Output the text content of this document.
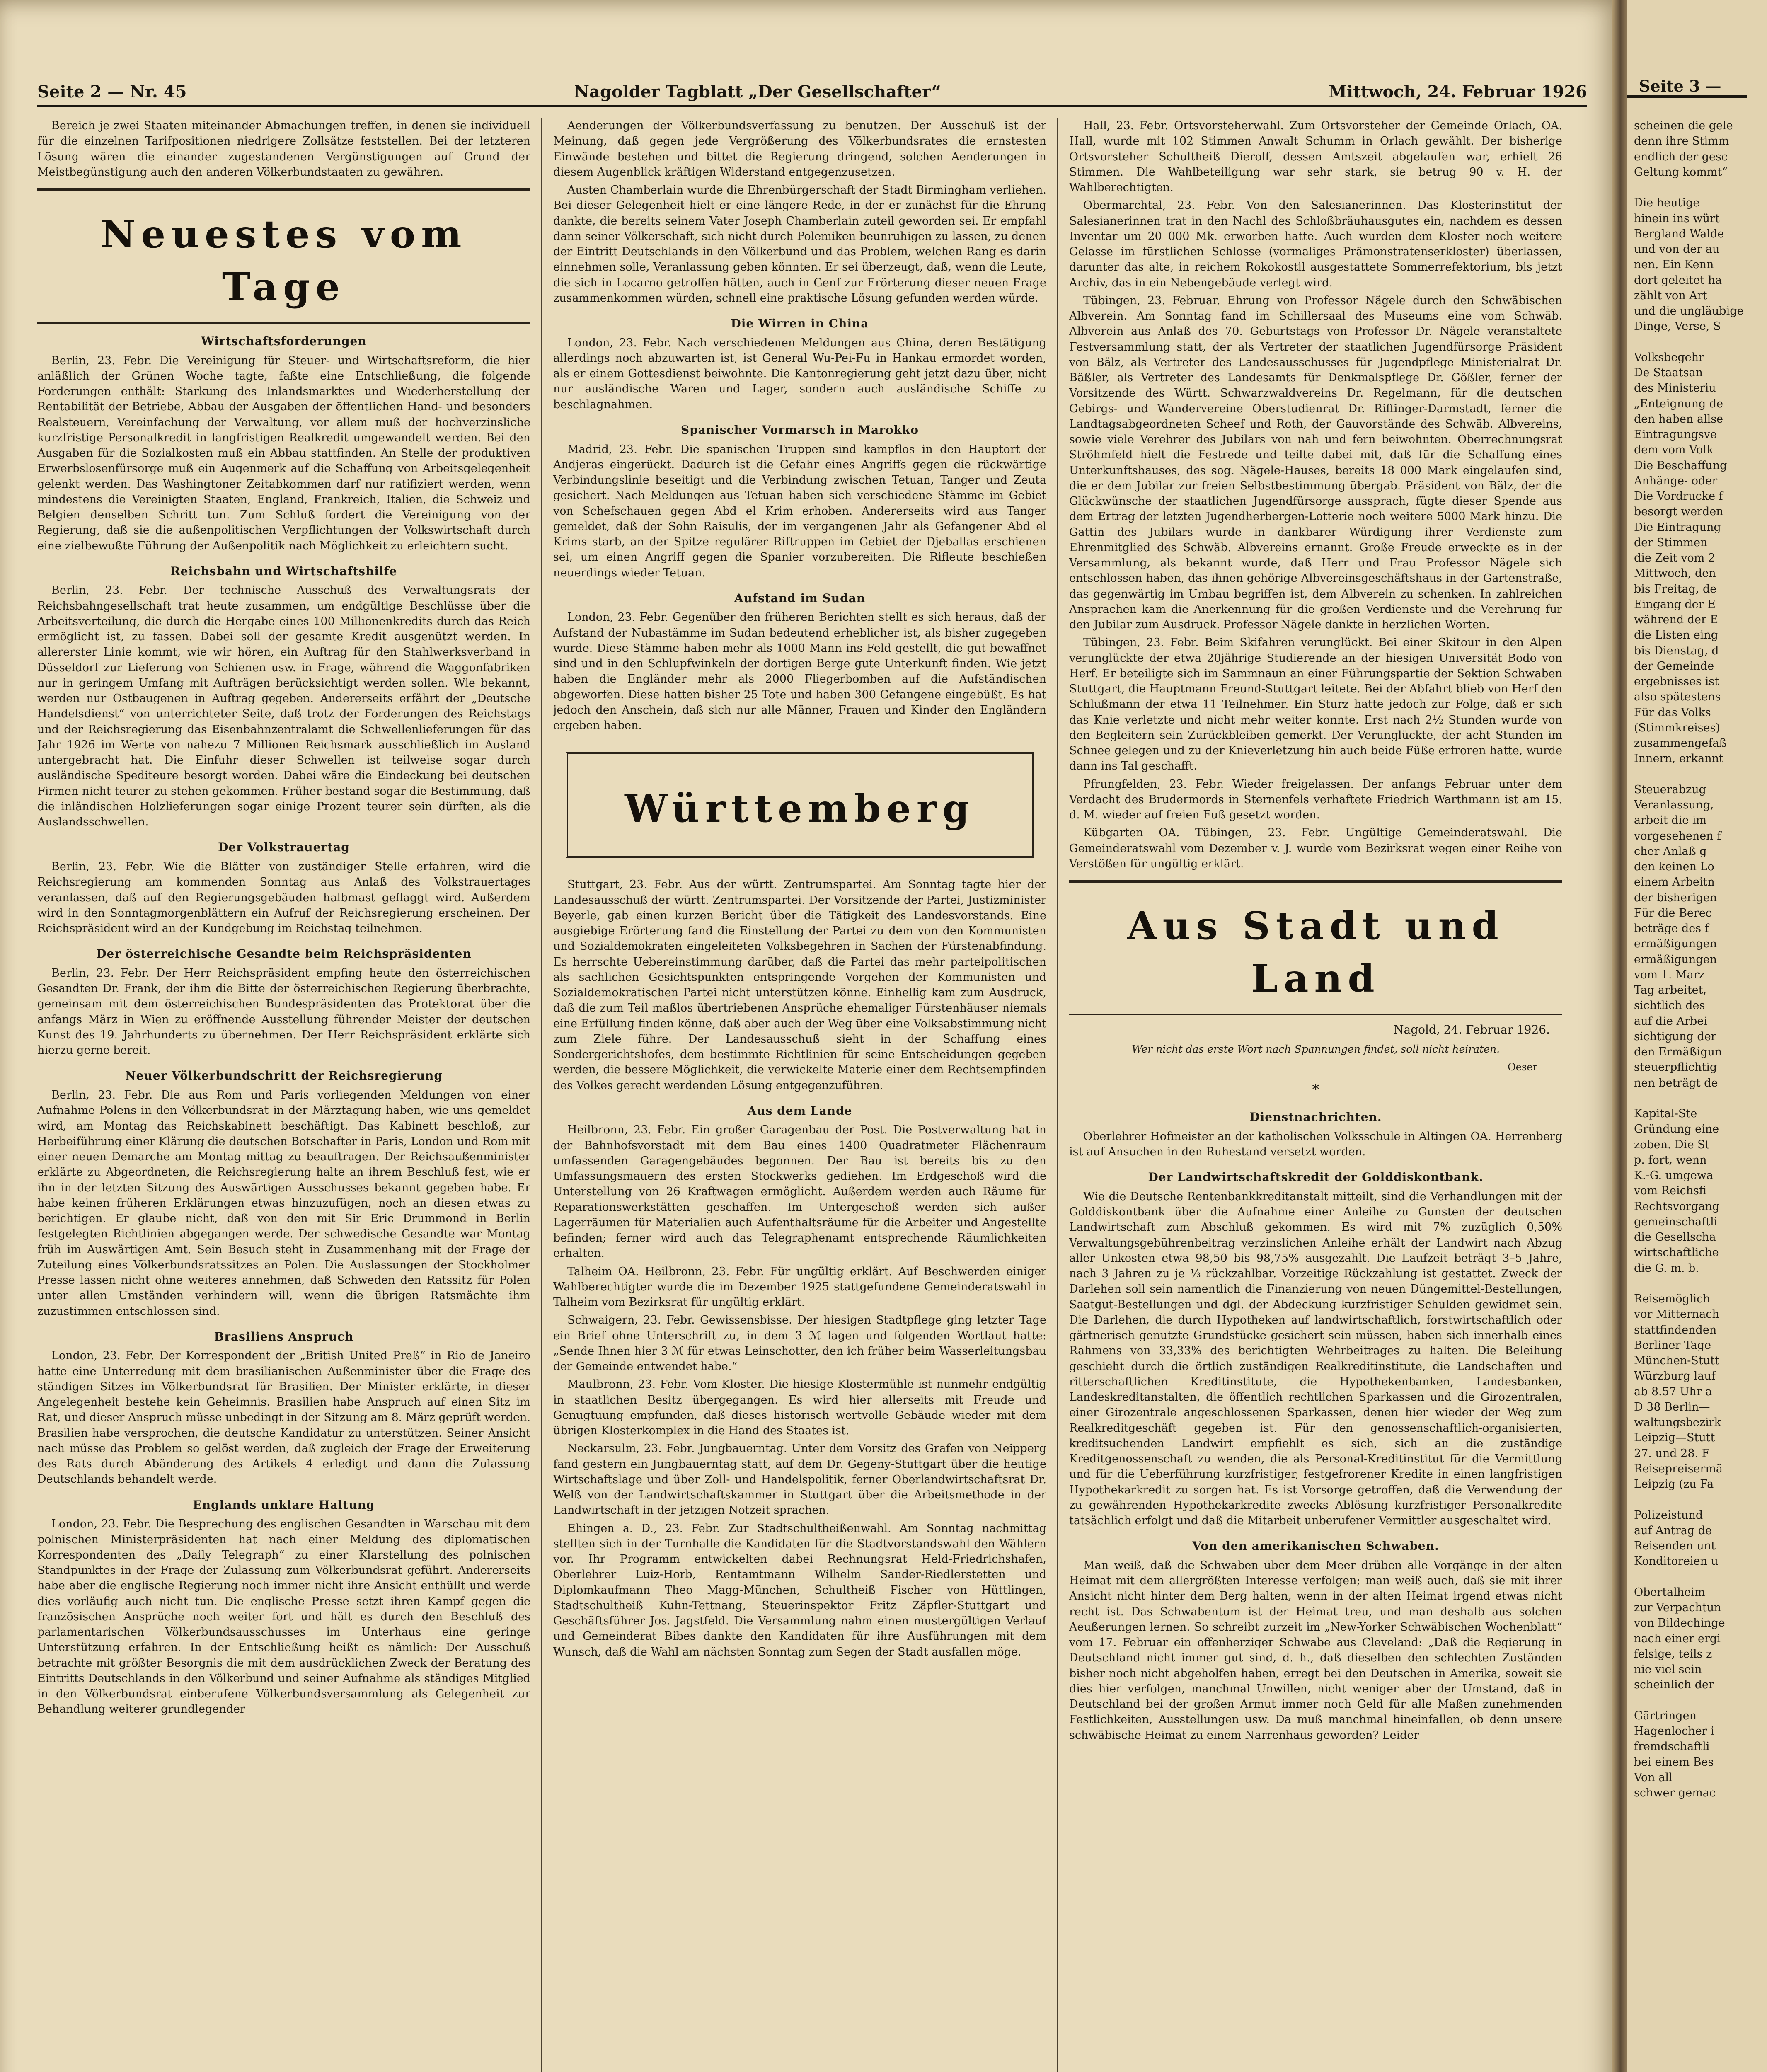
Seite 2 — Nr. 45	Nagolder Tagblatt „Der Gesellschafter“	Mittwoch, 24. Februar 1926

Bereich je zwei Staaten miteinander Abmachungen treffen, in denen sie individuell für die einzelnen Tarifpositionen niedrigere Zollsätze feststellen. Bei der letzteren Lösung wären die einander zugestandenen Vergünstigungen auf Grund der Meistbegünstigung auch den anderen Völkerbundstaaten zu gewähren.

Neuestes vom Tage
Wirtschaftsforderungen

Berlin, 23. Febr. Die Vereinigung für Steuer- und Wirtschaftsreform, die hier anläßlich der Grünen Woche tagte, faßte eine Entschließung, die folgende Forderungen enthält: Stärkung des Inlandsmarktes und Wiederherstellung der Rentabilität der Betriebe, Abbau der Ausgaben der öffentlichen Hand- und besonders Realsteuern, Vereinfachung der Verwaltung, vor allem muß der hochverzinsliche kurzfristige Personalkredit in langfristigen Realkredit umgewandelt werden. Bei den Ausgaben für die Sozialkosten muß ein Abbau stattfinden. An Stelle der produktiven Erwerbslosenfürsorge muß ein Augenmerk auf die Schaffung von Arbeitsgelegenheit gelenkt werden. Das Washingtoner Zeitabkommen darf nur ratifiziert werden, wenn mindestens die Vereinigten Staaten, England, Frankreich, Italien, die Schweiz und Belgien denselben Schritt tun. Zum Schluß fordert die Vereinigung von der Regierung, daß sie die außenpolitischen Verpflichtungen der Volkswirtschaft durch eine zielbewußte Führung der Außenpolitik nach Möglichkeit zu erleichtern sucht.

Reichsbahn und Wirtschaftshilfe

Berlin, 23. Febr. Der technische Ausschuß des Verwaltungsrats der Reichsbahngesellschaft trat heute zusammen, um endgültige Beschlüsse über die Arbeitsverteilung, die durch die Hergabe eines 100 Millionenkredits durch das Reich ermöglicht ist, zu fassen. Dabei soll der gesamte Kredit ausgenützt werden. In allererster Linie kommt, wie wir hören, ein Auftrag für den Stahlwerksverband in Düsseldorf zur Lieferung von Schienen usw. in Frage, während die Waggonfabriken nur in geringem Umfang mit Aufträgen berücksichtigt werden sollen. Wie bekannt, werden nur Ostbaugenen in Auftrag gegeben. Andererseits erfährt der „Deutsche Handelsdienst“ von unterrichteter Seite, daß trotz der Forderungen des Reichstags und der Reichsregierung das Eisenbahnzentralamt die Schwellenlieferungen für das Jahr 1926 im Werte von nahezu 7 Millionen Reichsmark ausschließlich im Ausland untergebracht hat. Die Einfuhr dieser Schwellen ist teilweise sogar durch ausländische Spediteure besorgt worden. Dabei wäre die Eindeckung bei deutschen Firmen nicht teurer zu stehen gekommen. Früher bestand sogar die Bestimmung, daß die inländischen Holzlieferungen sogar einige Prozent teurer sein dürften, als die Auslandsschwellen.

Der Volkstrauertag

Berlin, 23. Febr. Wie die Blätter von zuständiger Stelle erfahren, wird die Reichsregierung am kommenden Sonntag aus Anlaß des Volkstrauertages veranlassen, daß auf den Regierungsgebäuden halbmast geflaggt wird. Außerdem wird in den Sonntagmorgenblättern ein Aufruf der Reichsregierung erscheinen. Der Reichspräsident wird an der Kundgebung im Reichstag teilnehmen.

Der österreichische Gesandte beim Reichspräsidenten

Berlin, 23. Febr. Der Herr Reichspräsident empfing heute den österreichischen Gesandten Dr. Frank, der ihm die Bitte der österreichischen Regierung überbrachte, gemeinsam mit dem österreichischen Bundespräsidenten das Protektorat über die anfangs März in Wien zu eröffnende Ausstellung führender Meister der deutschen Kunst des 19. Jahrhunderts zu übernehmen. Der Herr Reichspräsident erklärte sich hierzu gerne bereit.

Neuer Völkerbundschritt der Reichsregierung

Berlin, 23. Febr. Die aus Rom und Paris vorliegenden Meldungen von einer Aufnahme Polens in den Völkerbundsrat in der Märztagung haben, wie uns gemeldet wird, am Montag das Reichskabinett beschäftigt. Das Kabinett beschloß, zur Herbeiführung einer Klärung die deutschen Botschafter in Paris, London und Rom mit einer neuen Demarche am Montag mittag zu beauftragen. Der Reichsaußenminister erklärte zu Abgeordneten, die Reichsregierung halte an ihrem Beschluß fest, wie er ihn in der letzten Sitzung des Auswärtigen Ausschusses bekannt gegeben habe. Er habe keinen früheren Erklärungen etwas hinzuzufügen, noch an diesen etwas zu berichtigen. Er glaube nicht, daß von den mit Sir Eric Drummond in Berlin festgelegten Richtlinien abgegangen werde. Der schwedische Gesandte war Montag früh im Auswärtigen Amt. Sein Besuch steht in Zusammenhang mit der Frage der Zuteilung eines Völkerbundsratssitzes an Polen. Die Auslassungen der Stockholmer Presse lassen nicht ohne weiteres annehmen, daß Schweden den Ratssitz für Polen unter allen Umständen verhindern will, wenn die übrigen Ratsmächte ihm zuzustimmen entschlossen sind.

Brasiliens Anspruch

London, 23. Febr. Der Korrespondent der „British United Preß“ in Rio de Janeiro hatte eine Unterredung mit dem brasilianischen Außenminister über die Frage des ständigen Sitzes im Völkerbundsrat für Brasilien. Der Minister erklärte, in dieser Angelegenheit bestehe kein Geheimnis. Brasilien habe Anspruch auf einen Sitz im Rat, und dieser Anspruch müsse unbedingt in der Sitzung am 8. März geprüft werden. Brasilien habe versprochen, die deutsche Kandidatur zu unterstützen. Seiner Ansicht nach müsse das Problem so gelöst werden, daß zugleich der Frage der Erweiterung des Rats durch Abänderung des Artikels 4 erledigt und dann die Zulassung Deutschlands behandelt werde.

Englands unklare Haltung

London, 23. Febr. Die Besprechung des englischen Gesandten in Warschau mit dem polnischen Ministerpräsidenten hat nach einer Meldung des diplomatischen Korrespondenten des „Daily Telegraph“ zu einer Klarstellung des polnischen Standpunktes in der Frage der Zulassung zum Völkerbundsrat geführt. Andererseits habe aber die englische Regierung noch immer nicht ihre Ansicht enthüllt und werde dies vorläufig auch nicht tun. Die englische Presse setzt ihren Kampf gegen die französischen Ansprüche noch weiter fort und hält es durch den Beschluß des parlamentarischen Völkerbundsausschusses im Unterhaus eine geringe Unterstützung erfahren. In der Entschließung heißt es nämlich: Der Ausschuß betrachte mit größter Besorgnis die mit dem ausdrücklichen Zweck der Beratung des Eintritts Deutschlands in den Völkerbund und seiner Aufnahme als ständiges Mitglied in den Völkerbundsrat einberufene Völkerbundsversammlung als Gelegenheit zur Behandlung weiterer grundlegender

Aenderungen der Völkerbundsverfassung zu benutzen. Der Ausschuß ist der Meinung, daß gegen jede Vergrößerung des Völkerbundsrates die ernstesten Einwände bestehen und bittet die Regierung dringend, solchen Aenderungen in diesem Augenblick kräftigen Widerstand entgegenzusetzen.

Austen Chamberlain wurde die Ehrenbürgerschaft der Stadt Birmingham verliehen. Bei dieser Gelegenheit hielt er eine längere Rede, in der er zunächst für die Ehrung dankte, die bereits seinem Vater Joseph Chamberlain zuteil geworden sei. Er empfahl dann seiner Völkerschaft, sich nicht durch Polemiken beunruhigen zu lassen, zu denen der Eintritt Deutschlands in den Völkerbund und das Problem, welchen Rang es darin einnehmen solle, Veranlassung geben könnten. Er sei überzeugt, daß, wenn die Leute, die sich in Locarno getroffen hätten, auch in Genf zur Erörterung dieser neuen Frage zusammenkommen würden, schnell eine praktische Lösung gefunden werden würde.

Die Wirren in China

London, 23. Febr. Nach verschiedenen Meldungen aus China, deren Bestätigung allerdings noch abzuwarten ist, ist General Wu-Pei-Fu in Hankau ermordet worden, als er einem Gottesdienst beiwohnte. Die Kantonregierung geht jetzt dazu über, nicht nur ausländische Waren und Lager, sondern auch ausländische Schiffe zu beschlagnahmen.

Spanischer Vormarsch in Marokko

Madrid, 23. Febr. Die spanischen Truppen sind kampflos in den Hauptort der Andjeras eingerückt. Dadurch ist die Gefahr eines Angriffs gegen die rückwärtige Verbindungslinie beseitigt und die Verbindung zwischen Tetuan, Tanger und Zeuta gesichert. Nach Meldungen aus Tetuan haben sich verschiedene Stämme im Gebiet von Schefschauen gegen Abd el Krim erhoben. Andererseits wird aus Tanger gemeldet, daß der Sohn Raisulis, der im vergangenen Jahr als Gefangener Abd el Krims starb, an der Spitze regulärer Riftruppen im Gebiet der Djeballas erschienen sei, um einen Angriff gegen die Spanier vorzubereiten. Die Rifleute beschießen neuerdings wieder Tetuan.

Aufstand im Sudan

London, 23. Febr. Gegenüber den früheren Berichten stellt es sich heraus, daß der Aufstand der Nubastämme im Sudan bedeutend erheblicher ist, als bisher zugegeben wurde. Diese Stämme haben mehr als 1000 Mann ins Feld gestellt, die gut bewaffnet sind und in den Schlupfwinkeln der dortigen Berge gute Unterkunft finden. Wie jetzt haben die Engländer mehr als 2000 Fliegerbomben auf die Aufständischen abgeworfen. Diese hatten bisher 25 Tote und haben 300 Gefangene eingebüßt. Es hat jedoch den Anschein, daß sich nur alle Männer, Frauen und Kinder den Engländern ergeben haben.

Württemberg

Stuttgart, 23. Febr. Aus der württ. Zentrumspartei. Am Sonntag tagte hier der Landesausschuß der württ. Zentrumspartei. Der Vorsitzende der Partei, Justizminister Beyerle, gab einen kurzen Bericht über die Tätigkeit des Landesvorstands. Eine ausgiebige Erörterung fand die Einstellung der Partei zu dem von den Kommunisten und Sozialdemokraten eingeleiteten Volksbegehren in Sachen der Fürstenabfindung. Es herrschte Uebereinstimmung darüber, daß die Partei das mehr parteipolitischen als sachlichen Gesichtspunkten entspringende Vorgehen der Kommunisten und Sozialdemokratischen Partei nicht unterstützen könne. Einhellig kam zum Ausdruck, daß die zum Teil maßlos übertriebenen Ansprüche ehemaliger Fürstenhäuser niemals eine Erfüllung finden könne, daß aber auch der Weg über eine Volksabstimmung nicht zum Ziele führe. Der Landesausschuß sieht in der Schaffung eines Sondergerichtshofes, dem bestimmte Richtlinien für seine Entscheidungen gegeben werden, die bessere Möglichkeit, die verwickelte Materie einer dem Rechtsempfinden des Volkes gerecht werdenden Lösung entgegenzuführen.

Aus dem Lande

Heilbronn, 23. Febr. Ein großer Garagenbau der Post. Die Postverwaltung hat in der Bahnhofsvorstadt mit dem Bau eines 1400 Quadratmeter Flächenraum umfassenden Garagengebäudes begonnen. Der Bau ist bereits bis zu den Umfassungsmauern des ersten Stockwerks gediehen. Im Erdgeschoß wird die Unterstellung von 26 Kraftwagen ermöglicht. Außerdem werden auch Räume für Reparationswerkstätten geschaffen. Im Untergeschoß werden sich außer Lagerräumen für Materialien auch Aufenthaltsräume für die Arbeiter und Angestellte befinden; ferner wird auch das Telegraphenamt entsprechende Räumlichkeiten erhalten.

Talheim OA. Heilbronn, 23. Febr. Für ungültig erklärt. Auf Beschwerden einiger Wahlberechtigter wurde die im Dezember 1925 stattgefundene Gemeinderatswahl in Talheim vom Bezirksrat für ungültig erklärt.

Schwaigern, 23. Febr. Gewissensbisse. Der hiesigen Stadtpflege ging letzter Tage ein Brief ohne Unterschrift zu, in dem 3 ℳ lagen und folgenden Wortlaut hatte: „Sende Ihnen hier 3 ℳ für etwas Leinschotter, den ich früher beim Wasserleitungsbau der Gemeinde entwendet habe.“

Maulbronn, 23. Febr. Vom Kloster. Die hiesige Klostermühle ist nunmehr endgültig in staatlichen Besitz übergegangen. Es wird hier allerseits mit Freude und Genugtuung empfunden, daß dieses historisch wertvolle Gebäude wieder mit dem übrigen Klosterkomplex in die Hand des Staates ist.

Neckarsulm, 23. Febr. Jungbauerntag. Unter dem Vorsitz des Grafen von Neipperg fand gestern ein Jungbauerntag statt, auf dem Dr. Gegeny-Stuttgart über die heutige Wirtschaftslage und über Zoll- und Handelspolitik, ferner Oberlandwirtschaftsrat Dr. Welß von der Landwirtschaftskammer in Stuttgart über die Arbeitsmethode in der Landwirtschaft in der jetzigen Notzeit sprachen.

Ehingen a. D., 23. Febr. Zur Stadtschultheißenwahl. Am Sonntag nachmittag stellten sich in der Turnhalle die Kandidaten für die Stadtvorstandswahl den Wählern vor. Ihr Programm entwickelten dabei Rechnungsrat Held-Friedrichshafen, Oberlehrer Luiz-Horb, Rentamtmann Wilhelm Sander-Riedlerstetten und Diplomkaufmann Theo Magg-München, Schultheiß Fischer von Hüttlingen, Stadtschultheiß Kuhn-Tettnang, Steuerinspektor Fritz Zäpfler-Stuttgart und Geschäftsführer Jos. Jagstfeld. Die Versammlung nahm einen mustergültigen Verlauf und Gemeinderat Bibes dankte den Kandidaten für ihre Ausführungen mit dem Wunsch, daß die Wahl am nächsten Sonntag zum Segen der Stadt ausfallen möge.

Hall, 23. Febr. Ortsvorsteherwahl. Zum Ortsvorsteher der Gemeinde Orlach, OA. Hall, wurde mit 102 Stimmen Anwalt Schumm in Orlach gewählt. Der bisherige Ortsvorsteher Schultheiß Dierolf, dessen Amtszeit abgelaufen war, erhielt 26 Stimmen. Die Wahlbeteiligung war sehr stark, sie betrug 90 v. H. der Wahlberechtigten.

Obermarchtal, 23. Febr. Von den Salesianerinnen. Das Klosterinstitut der Salesianerinnen trat in den Nachl des Schloßbräuhausgutes ein, nachdem es dessen Inventar um 20 000 Mk. erworben hatte. Auch wurden dem Kloster noch weitere Gelasse im fürstlichen Schlosse (vormaliges Prämonstratenserkloster) überlassen, darunter das alte, in reichem Rokokostil ausgestattete Sommerrefektorium, bis jetzt Archiv, das in ein Nebengebäude verlegt wird.

Tübingen, 23. Februar. Ehrung von Professor Nägele durch den Schwäbischen Albverein. Am Sonntag fand im Schillersaal des Museums eine vom Schwäb. Albverein aus Anlaß des 70. Geburtstags von Professor Dr. Nägele veranstaltete Festversammlung statt, der als Vertreter der staatlichen Jugendfürsorge Präsident von Bälz, als Vertreter des Landesausschusses für Jugendpflege Ministerialrat Dr. Bäßler, als Vertreter des Landesamts für Denkmalspflege Dr. Gößler, ferner der Vorsitzende des Württ. Schwarzwaldvereins Dr. Regelmann, für die deutschen Gebirgs- und Wandervereine Oberstudienrat Dr. Riffinger-Darmstadt, ferner die Landtagsabgeordneten Scheef und Roth, der Gauvorstände des Schwäb. Albvereins, sowie viele Verehrer des Jubilars von nah und fern beiwohnten. Oberrechnungsrat Ströhmfeld hielt die Festrede und teilte dabei mit, daß für die Schaffung eines Unterkunftshauses, des sog. Nägele-Hauses, bereits 18 000 Mark eingelaufen sind, die er dem Jubilar zur freien Selbstbestimmung übergab. Präsident von Bälz, der die Glückwünsche der staatlichen Jugendfürsorge aussprach, fügte dieser Spende aus dem Ertrag der letzten Jugendherbergen-Lotterie noch weitere 5000 Mark hinzu. Die Gattin des Jubilars wurde in dankbarer Würdigung ihrer Verdienste zum Ehrenmitglied des Schwäb. Albvereins ernannt. Große Freude erweckte es in der Versammlung, als bekannt wurde, daß Herr und Frau Professor Nägele sich entschlossen haben, das ihnen gehörige Albvereinsgeschäftshaus in der Gartenstraße, das gegenwärtig im Umbau begriffen ist, dem Albverein zu schenken. In zahlreichen Ansprachen kam die Anerkennung für die großen Verdienste und die Verehrung für den Jubilar zum Ausdruck. Professor Nägele dankte in herzlichen Worten.

Tübingen, 23. Febr. Beim Skifahren verunglückt. Bei einer Skitour in den Alpen verunglückte der etwa 20jährige Studierende an der hiesigen Universität Bodo von Herf. Er beteiligte sich im Sammnaun an einer Führungspartie der Sektion Schwaben Stuttgart, die Hauptmann Freund-Stuttgart leitete. Bei der Abfahrt blieb von Herf den Schlußmann der etwa 11 Teilnehmer. Ein Sturz hatte jedoch zur Folge, daß er sich das Knie verletzte und nicht mehr weiter konnte. Erst nach 2½ Stunden wurde von den Begleitern sein Zurückbleiben gemerkt. Der Verunglückte, der acht Stunden im Schnee gelegen und zu der Knieverletzung hin auch beide Füße erfroren hatte, wurde dann ins Tal geschafft.

Pfrungfelden, 23. Febr. Wieder freigelassen. Der anfangs Februar unter dem Verdacht des Brudermords in Sternenfels verhaftete Friedrich Warthmann ist am 15. d. M. wieder auf freien Fuß gesetzt worden.

Kübgarten OA. Tübingen, 23. Febr. Ungültige Gemeinderatswahl. Die Gemeinderatswahl vom Dezember v. J. wurde vom Bezirksrat wegen einer Reihe von Verstößen für ungültig erklärt.

Aus Stadt und Land
Nagold, 24. Februar 1926.
Wer nicht das erste Wort nach Spannungen findet, soll nicht heiraten.
Oeser
*
Dienstnachrichten.

Oberlehrer Hofmeister an der katholischen Volksschule in Altingen OA. Herrenberg ist auf Ansuchen in den Ruhestand versetzt worden.

Der Landwirtschaftskredit der Golddiskontbank.

Wie die Deutsche Rentenbankkreditanstalt mitteilt, sind die Verhandlungen mit der Golddiskontbank über die Aufnahme einer Anleihe zu Gunsten der deutschen Landwirtschaft zum Abschluß gekommen. Es wird mit 7% zuzüglich 0,50% Verwaltungsgebührenbeitrag verzinslichen Anleihe erhält der Landwirt nach Abzug aller Unkosten etwa 98,50 bis 98,75% ausgezahlt. Die Laufzeit beträgt 3–5 Jahre, nach 3 Jahren zu je ⅓ rückzahlbar. Vorzeitige Rückzahlung ist gestattet. Zweck der Darlehen soll sein namentlich die Finanzierung von neuen Düngemittel-Bestellungen, Saatgut-Bestellungen und dgl. der Abdeckung kurzfristiger Schulden gewidmet sein. Die Darlehen, die durch Hypotheken auf landwirtschaftlich, forstwirtschaftlich oder gärtnerisch genutzte Grundstücke gesichert sein müssen, haben sich innerhalb eines Rahmens von 33,33% des berichtigten Wehrbeitrages zu halten. Die Beleihung geschieht durch die örtlich zuständigen Realkreditinstitute, die Landschaften und ritterschaftlichen Kreditinstitute, die Hypothekenbanken, Landesbanken, Landeskreditanstalten, die öffentlich rechtlichen Sparkassen und die Girozentralen, einer Girozentrale angeschlossenen Sparkassen, denen hier wieder der Weg zum Realkreditgeschäft gegeben ist. Für den genossenschaftlich-organisierten, kreditsuchenden Landwirt empfiehlt es sich, sich an die zuständige Kreditgenossenschaft zu wenden, die als Personal-Kreditinstitut für die Vermittlung und für die Ueberführung kurzfristiger, festgefrorener Kredite in einen langfristigen Hypothekarkredit zu sorgen hat. Es ist Vorsorge getroffen, daß die Verwendung der zu gewährenden Hypothekarkredite zwecks Ablösung kurzfristiger Personalkredite tatsächlich erfolgt und daß die Mitarbeit unberufener Vermittler ausgeschaltet wird.

Von den amerikanischen Schwaben.

Man weiß, daß die Schwaben über dem Meer drüben alle Vorgänge in der alten Heimat mit dem allergrößten Interesse verfolgen; man weiß auch, daß sie mit ihrer Ansicht nicht hinter dem Berg halten, wenn in der alten Heimat irgend etwas nicht recht ist. Das Schwabentum ist der Heimat treu, und man deshalb aus solchen Aeußerungen lernen. So schreibt zurzeit im „New-Yorker Schwäbischen Wochenblatt“ vom 17. Februar ein offenherziger Schwabe aus Cleveland: „Daß die Regierung in Deutschland nicht immer gut sind, d. h., daß dieselben den schlechten Zuständen bisher noch nicht abgeholfen haben, erregt bei den Deutschen in Amerika, soweit sie dies hier verfolgen, manchmal Unwillen, nicht weniger aber der Umstand, daß in Deutschland bei der großen Armut immer noch Geld für alle Maßen zunehmenden Festlichkeiten, Ausstellungen usw. Da muß manchmal hineinfallen, ob denn unsere schwäbische Heimat zu einem Narrenhaus geworden? Leider

Seite 3 —
scheinen die gele
denn ihre Stimm
endlich der gesc
Geltung kommt“

Die heutige
hinein ins würt
Bergland Walde
und von der au
nen. Ein Kenn
dort geleitet ha
zählt von Art
und die ungläubige
Dinge, Verse, S

Volksbegehr
De Staatsan
des Ministeriu
„Enteignung de
den haben allse
Eintragungsve
dem vom Volk
Die Beschaffung
Anhänge- oder
Die Vordrucke f
besorgt werden
Die Eintragung
der Stimmen
die Zeit vom 2
Mittwoch, den
bis Freitag, de
Eingang der E
während der E
die Listen eing
bis Dienstag, d
der Gemeinde
ergebnisses ist
also spätestens
Für das Volks
(Stimmkreises)
zusammengefaß
Innern, erkannt

Steuerabzug
Veranlassung,
arbeit die im
vorgesehenen f
cher Anlaß g
den keinen Lo
einem Arbeitn
der bisherigen
Für die Berec
beträge des f
ermäßigungen
ermäßigungen
vom 1. Marz
Tag arbeitet,
sichtlich des
auf die Arbei
sichtigung der
den Ermäßigun
steuerpflichtig
nen beträgt de

Kapital-Ste
Gründung eine
zoben. Die St
p. fort, wenn
K.-G. umgewa
vom Reichsfi
Rechtsvorgang
gemeinschaftli
die Gesellscha
wirtschaftliche
die G. m. b.

Reisemöglich
vor Mitternach
stattfindenden
Berliner Tage
München-Stutt
Würzburg lauf
ab 8.57 Uhr a
D 38 Berlin—
waltungsbezirk
Leipzig—Stutt
27. und 28. F
Reisepreisermä
Leipzig (zu Fa

Polizeistund
auf Antrag de
Reisenden unt
Konditoreien u

Obertalheim
zur Verpachtun
von Bildechinge
nach einer ergi
felsige, teils z
nie viel sein
scheinlich der

Gärtringen
Hagenlocher i
fremdschaftli
bei einem Bes
Von all
schwer gemac
